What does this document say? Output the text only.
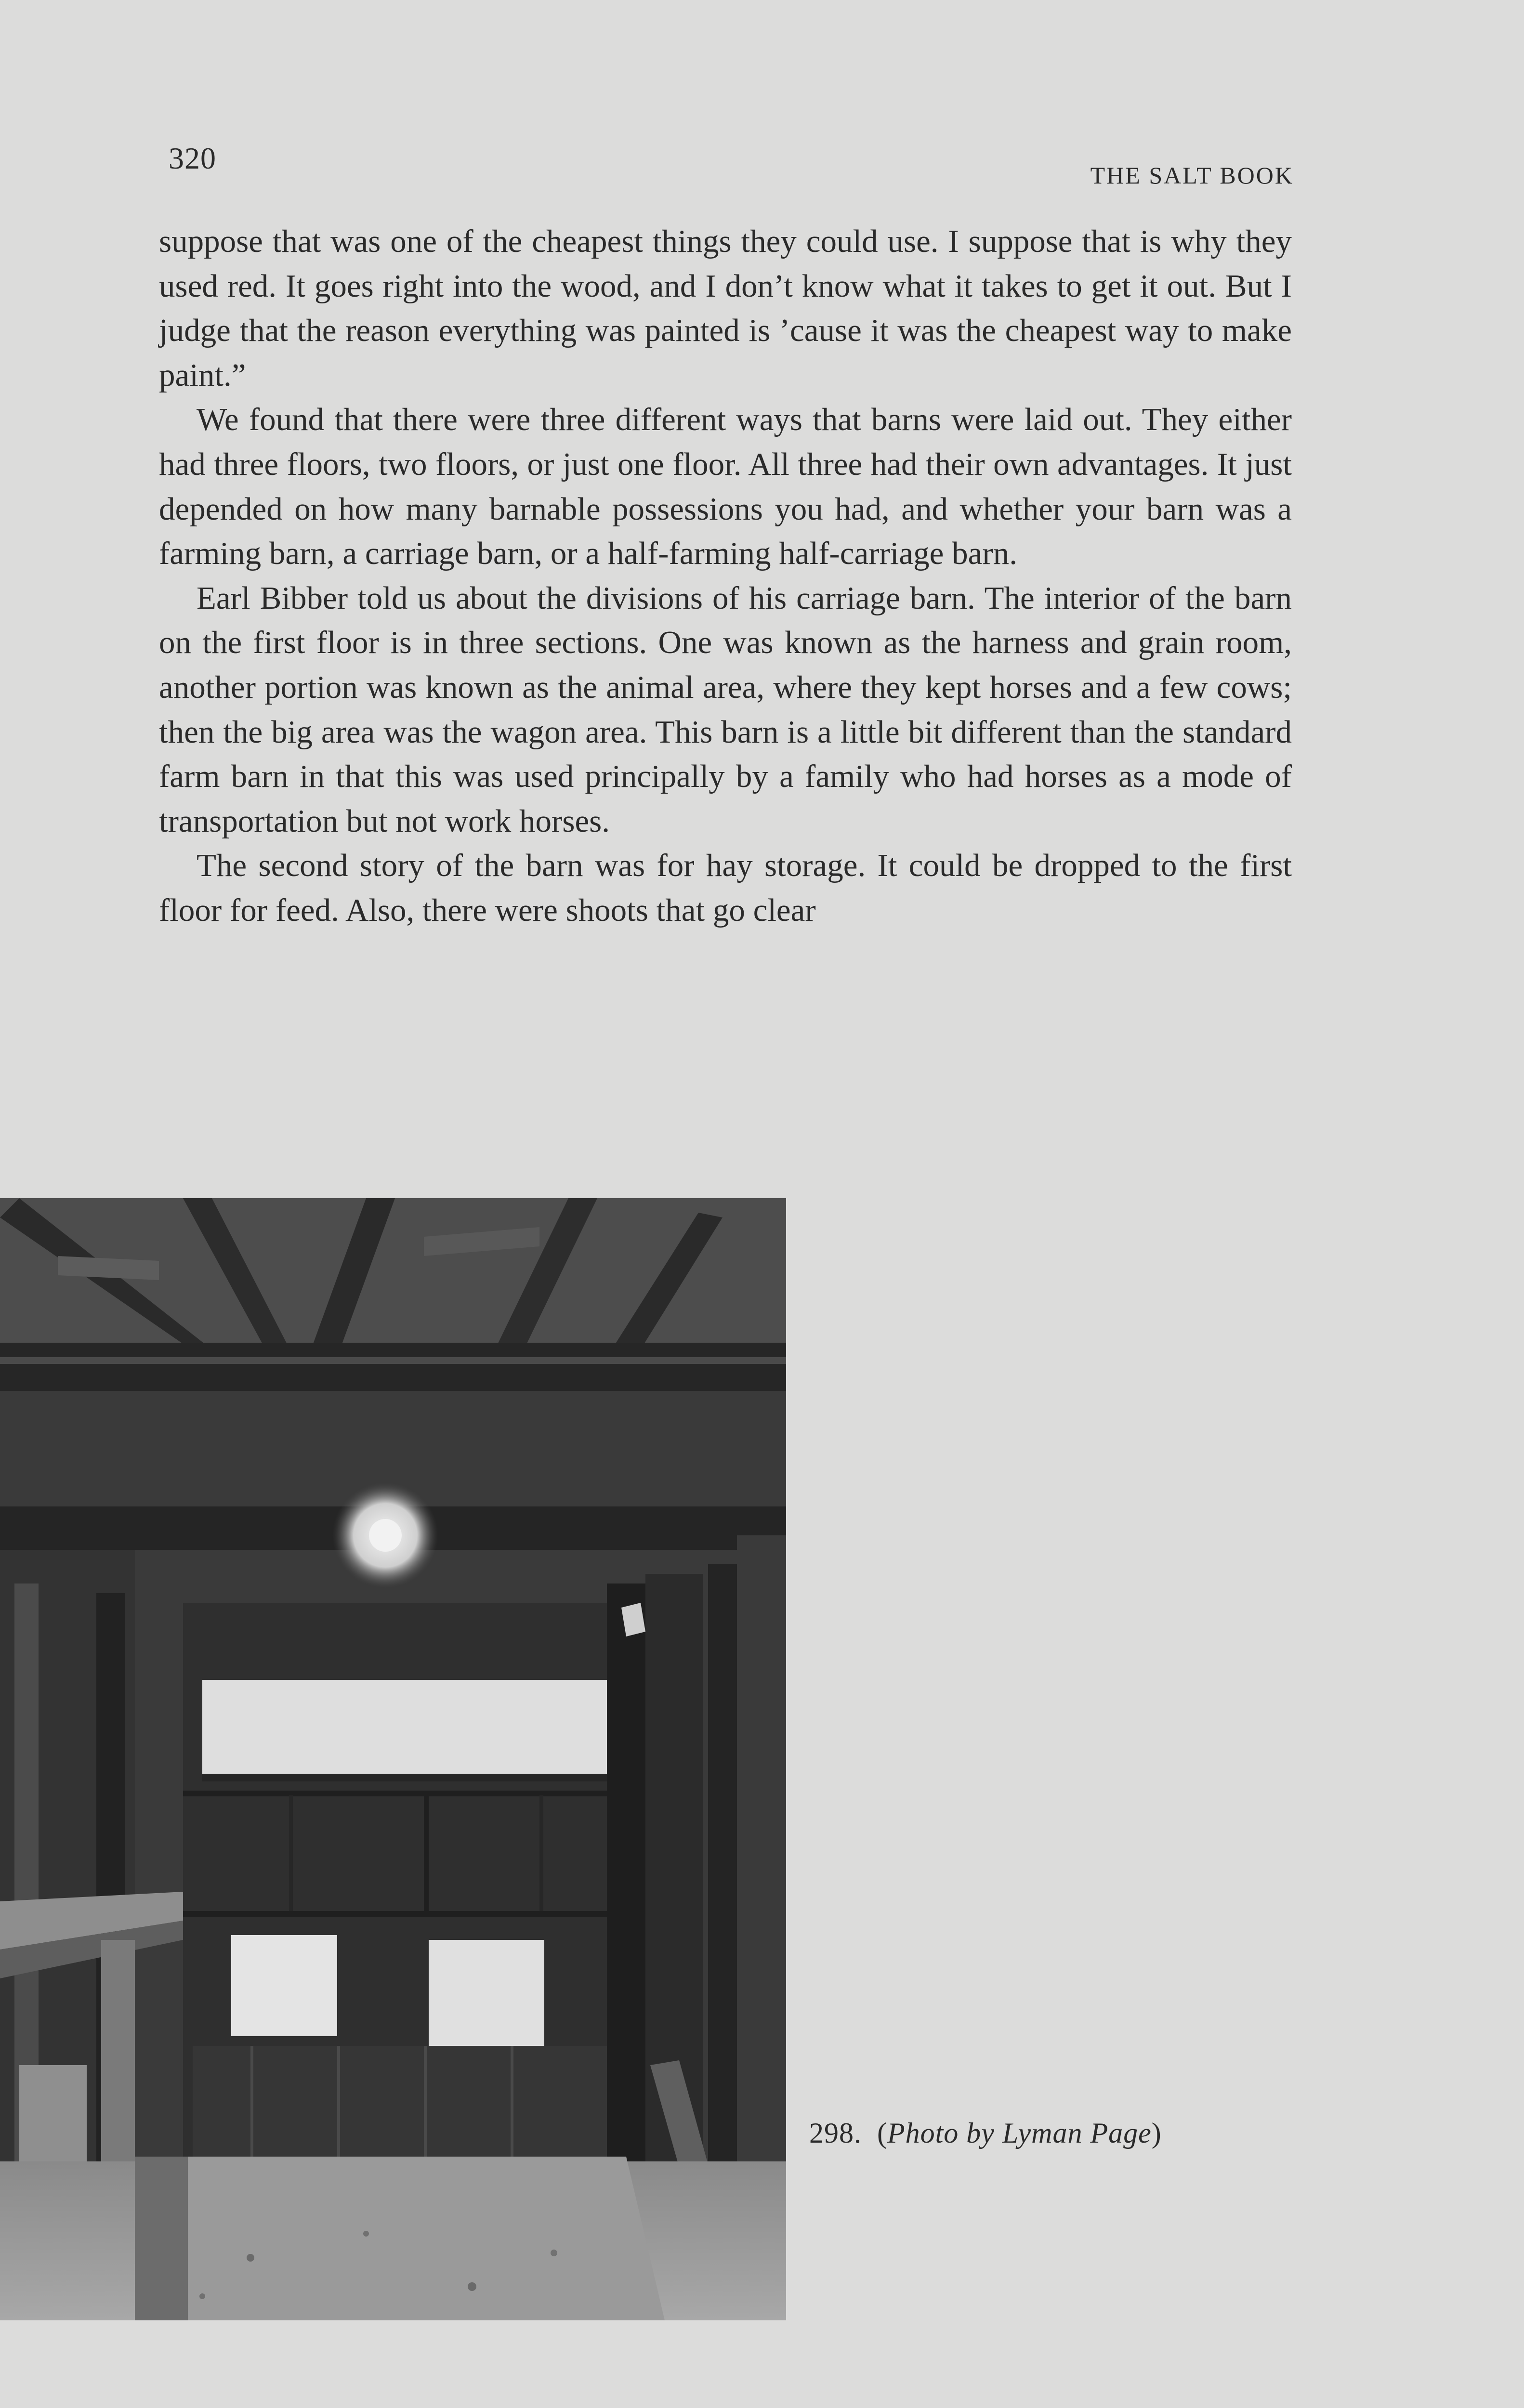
320	THE SALT BOOK

suppose that was one of the cheapest things they could use. I suppose that is why they used red. It goes right into the wood, and I don’t know what it takes to get it out. But I judge that the reason everything was painted is ’cause it was the cheapest way to make paint.”

We found that there were three different ways that barns were laid out. They either had three floors, two floors, or just one floor. All three had their own advantages. It just depended on how many barnable possessions you had, and whether your barn was a farming barn, a carriage barn, or a half-farming half-carriage barn.

Earl Bibber told us about the divisions of his carriage barn. The interior of the barn on the first floor is in three sections. One was known as the harness and grain room, another portion was known as the animal area, where they kept horses and a few cows; then the big area was the wagon area. This barn is a little bit different than the standard farm barn in that this was used principally by a family who had horses as a mode of transportation but not work horses.

The second story of the barn was for hay storage. It could be dropped to the first floor for feed. Also, there were shoots that go clear

298. (Photo by Lyman Page)
